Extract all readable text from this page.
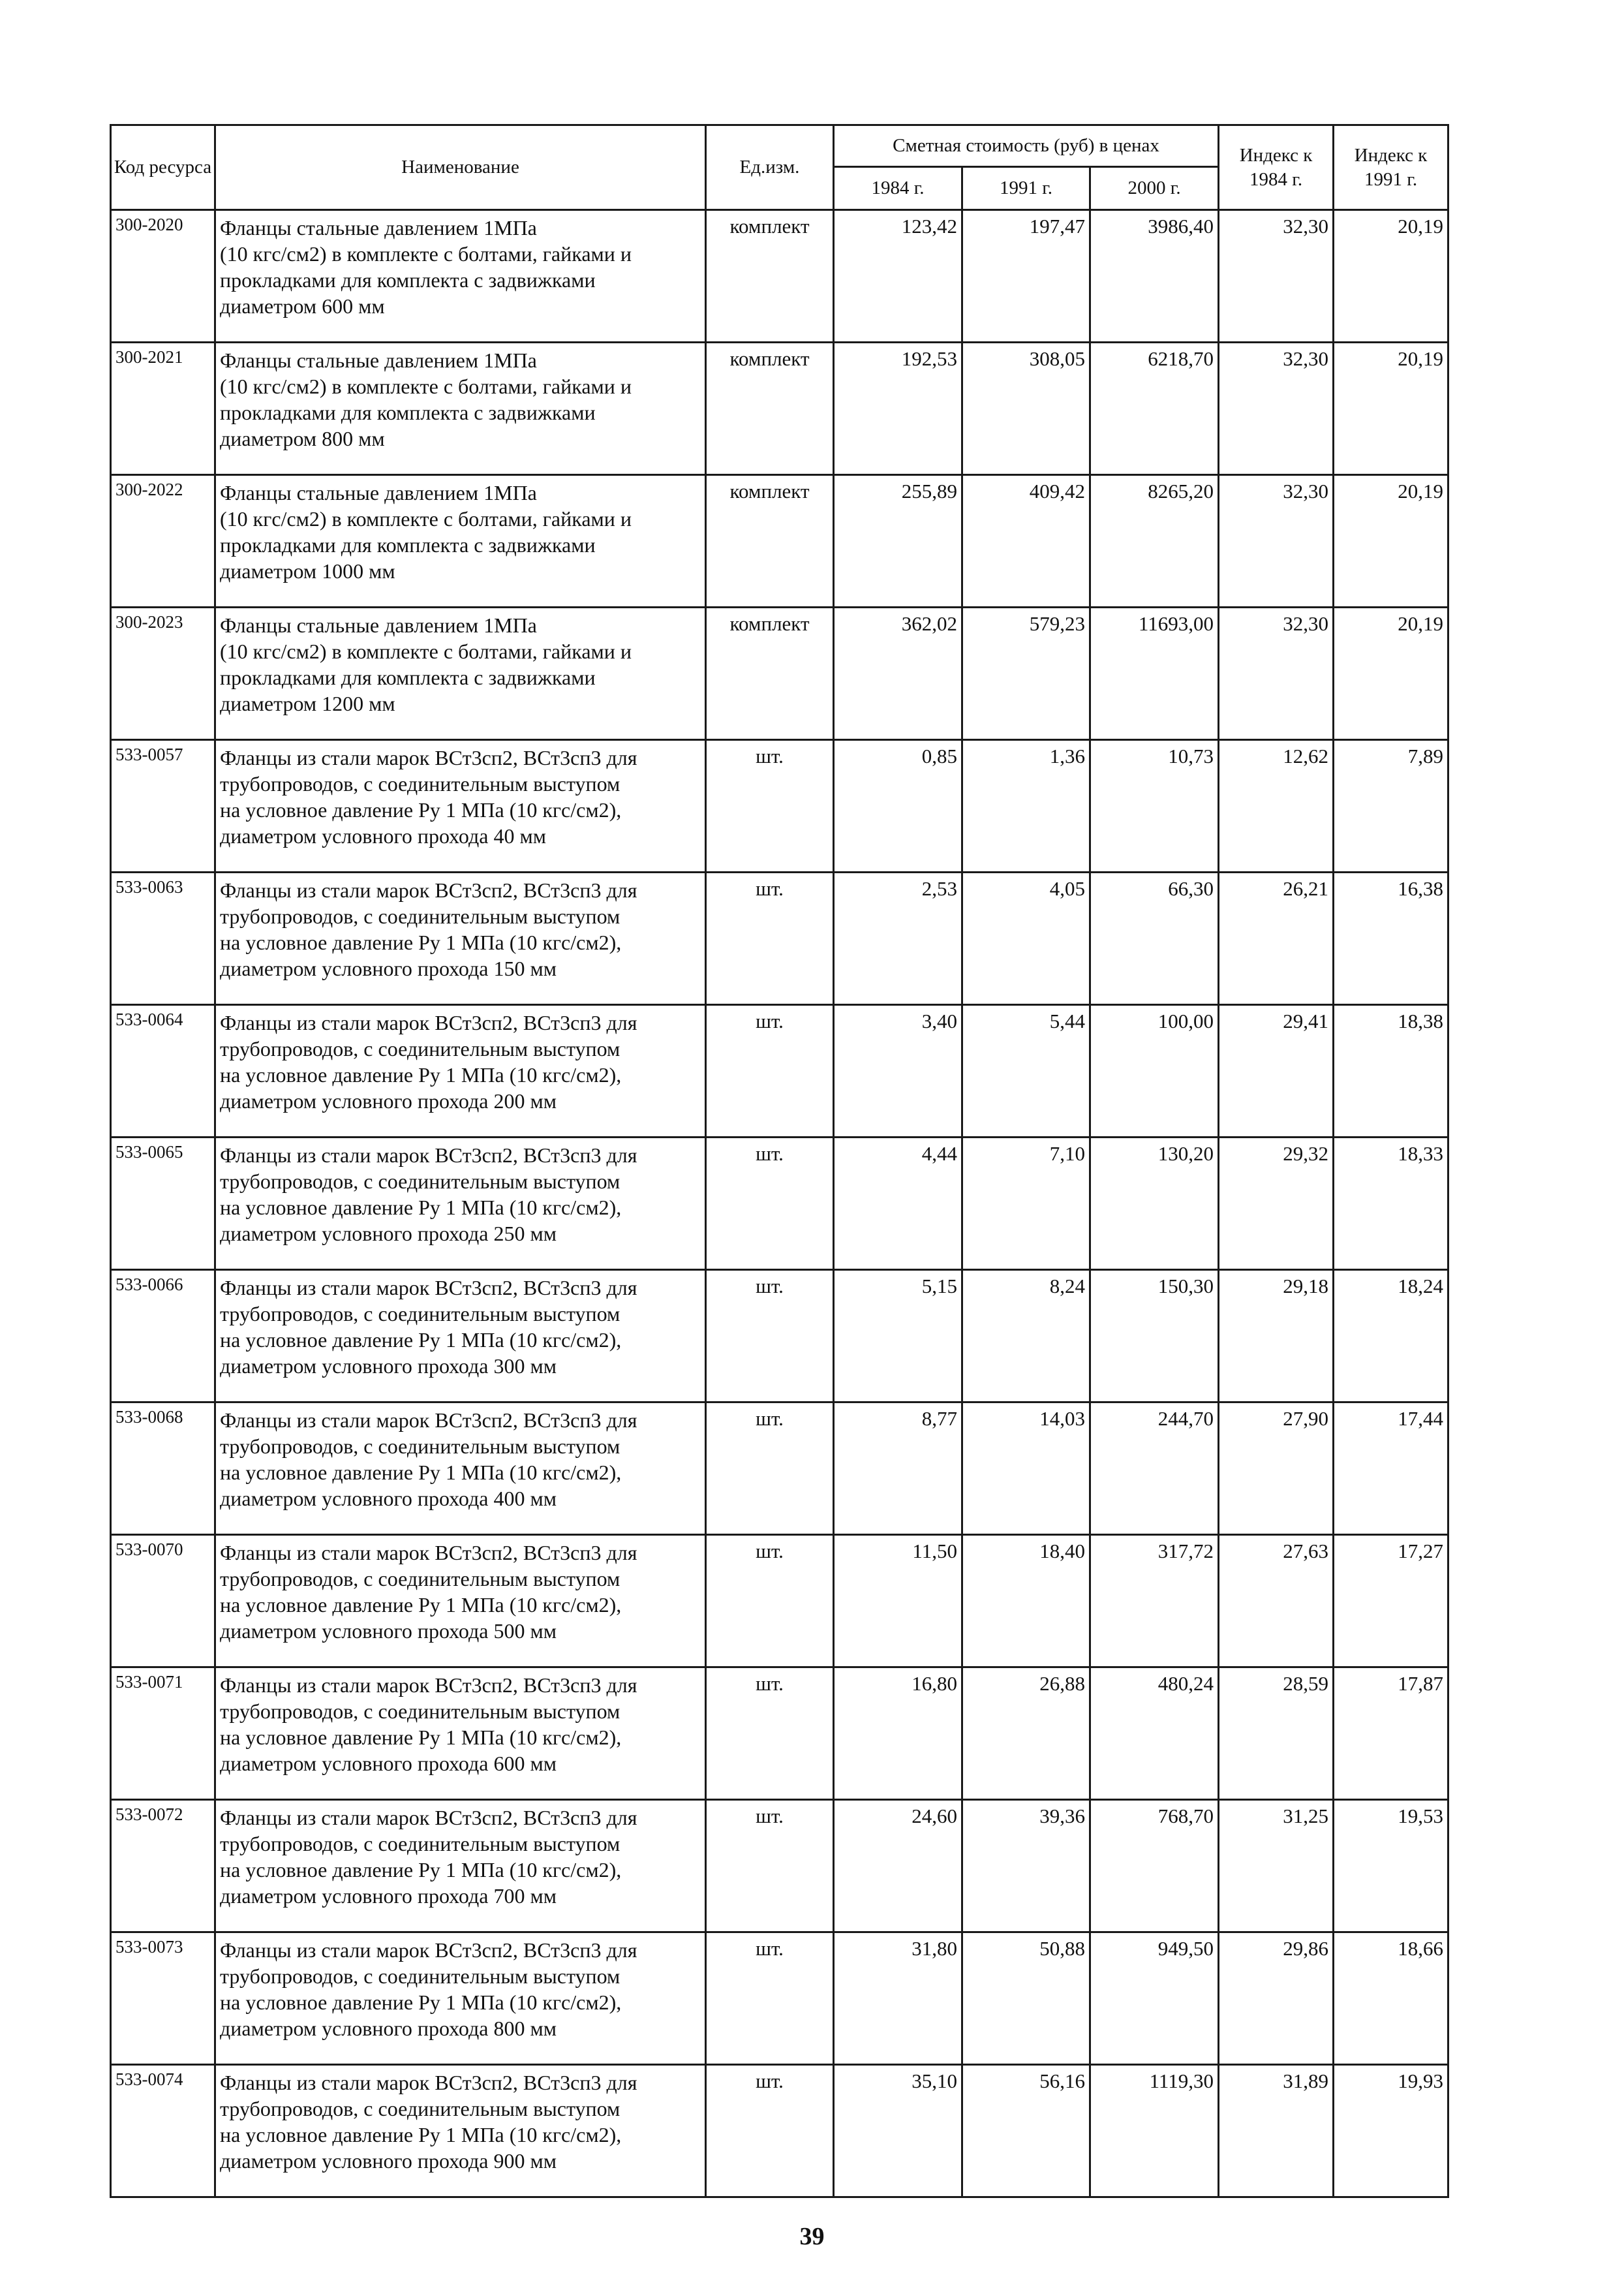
Код ресурса	Наименование	Ед.изм.	Сметная стоимость (руб) в ценах			Индекс к 1984 г.	Индекс к 1991 г.
			1984 г.	1991 г.	2000 г.		
300-2020	Фланцы стальные давлением 1МПа
(10 кгс/см2) в комплекте с болтами, гайками и
прокладками для комплекта с задвижками
диаметром 600 мм	комплект	123,42	197,47	3986,40	32,30	20,19
300-2021	Фланцы стальные давлением 1МПа
(10 кгс/см2) в комплекте с болтами, гайками и
прокладками для комплекта с задвижками
диаметром 800 мм	комплект	192,53	308,05	6218,70	32,30	20,19
300-2022	Фланцы стальные давлением 1МПа
(10 кгс/см2) в комплекте с болтами, гайками и
прокладками для комплекта с задвижками
диаметром 1000 мм	комплект	255,89	409,42	8265,20	32,30	20,19
300-2023	Фланцы стальные давлением 1МПа
(10 кгс/см2) в комплекте с болтами, гайками и
прокладками для комплекта с задвижками
диаметром 1200 мм	комплект	362,02	579,23	11693,00	32,30	20,19
533-0057	Фланцы из стали марок ВСт3сп2, ВСт3сп3 для
трубопроводов, с соединительным выступом
на условное давление Ру 1 МПа (10 кгс/см2),
диаметром условного прохода 40 мм	шт.	0,85	1,36	10,73	12,62	7,89
533-0063	Фланцы из стали марок ВСт3сп2, ВСт3сп3 для
трубопроводов, с соединительным выступом
на условное давление Ру 1 МПа (10 кгс/см2),
диаметром условного прохода 150 мм	шт.	2,53	4,05	66,30	26,21	16,38
533-0064	Фланцы из стали марок ВСт3сп2, ВСт3сп3 для
трубопроводов, с соединительным выступом
на условное давление Ру 1 МПа (10 кгс/см2),
диаметром условного прохода 200 мм	шт.	3,40	5,44	100,00	29,41	18,38
533-0065	Фланцы из стали марок ВСт3сп2, ВСт3сп3 для
трубопроводов, с соединительным выступом
на условное давление Ру 1 МПа (10 кгс/см2),
диаметром условного прохода 250 мм	шт.	4,44	7,10	130,20	29,32	18,33
533-0066	Фланцы из стали марок ВСт3сп2, ВСт3сп3 для
трубопроводов, с соединительным выступом
на условное давление Ру 1 МПа (10 кгс/см2),
диаметром условного прохода 300 мм	шт.	5,15	8,24	150,30	29,18	18,24
533-0068	Фланцы из стали марок ВСт3сп2, ВСт3сп3 для
трубопроводов, с соединительным выступом
на условное давление Ру 1 МПа (10 кгс/см2),
диаметром условного прохода 400 мм	шт.	8,77	14,03	244,70	27,90	17,44
533-0070	Фланцы из стали марок ВСт3сп2, ВСт3сп3 для
трубопроводов, с соединительным выступом
на условное давление Ру 1 МПа (10 кгс/см2),
диаметром условного прохода 500 мм	шт.	11,50	18,40	317,72	27,63	17,27
533-0071	Фланцы из стали марок ВСт3сп2, ВСт3сп3 для
трубопроводов, с соединительным выступом
на условное давление Ру 1 МПа (10 кгс/см2),
диаметром условного прохода 600 мм	шт.	16,80	26,88	480,24	28,59	17,87
533-0072	Фланцы из стали марок ВСт3сп2, ВСт3сп3 для
трубопроводов, с соединительным выступом
на условное давление Ру 1 МПа (10 кгс/см2),
диаметром условного прохода 700 мм	шт.	24,60	39,36	768,70	31,25	19,53
533-0073	Фланцы из стали марок ВСт3сп2, ВСт3сп3 для
трубопроводов, с соединительным выступом
на условное давление Ру 1 МПа (10 кгс/см2),
диаметром условного прохода 800 мм	шт.	31,80	50,88	949,50	29,86	18,66
533-0074	Фланцы из стали марок ВСт3сп2, ВСт3сп3 для
трубопроводов, с соединительным выступом
на условное давление Ру 1 МПа (10 кгс/см2),
диаметром условного прохода 900 мм	шт.	35,10	56,16	1119,30	31,89	19,93
39
